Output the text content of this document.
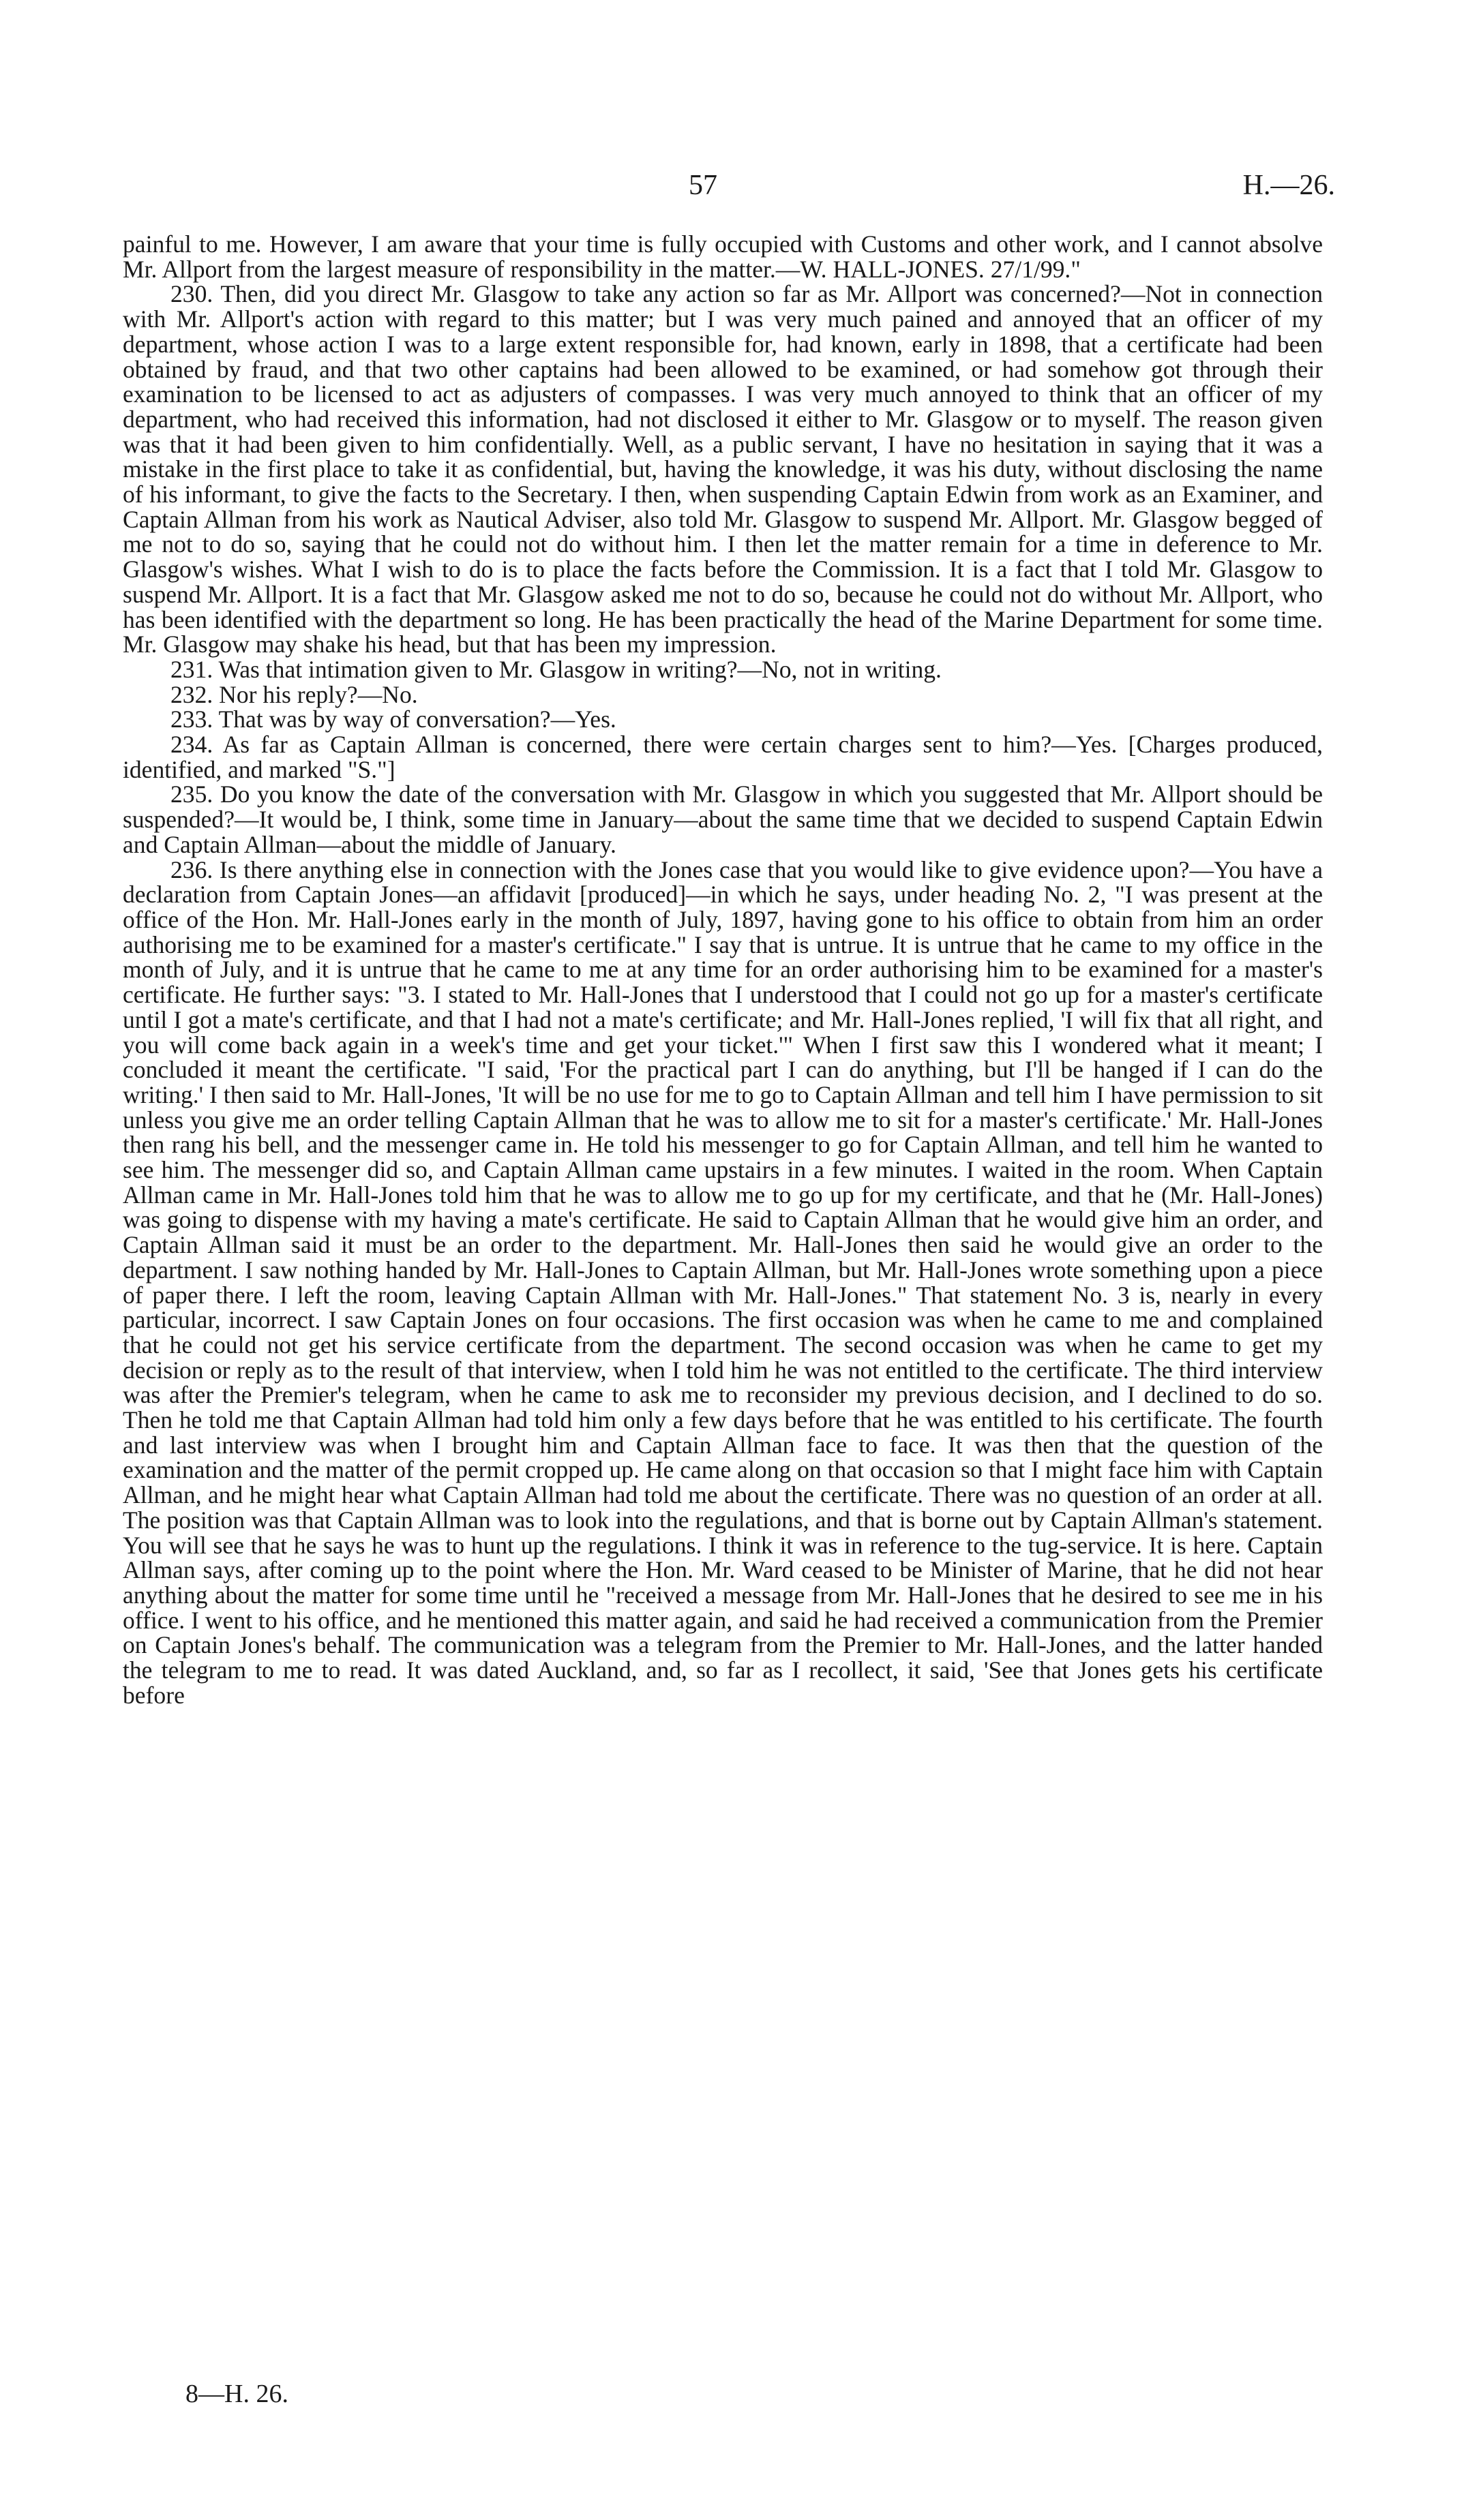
57	H.—26.

painful to me. However, I am aware that your time is fully occupied with Customs and other work, and I cannot absolve Mr. Allport from the largest measure of responsibility in the matter.—W. HALL-JONES. 27/1/99."

230. Then, did you direct Mr. Glasgow to take any action so far as Mr. Allport was concerned?—Not in connection with Mr. Allport's action with regard to this matter; but I was very much pained and annoyed that an officer of my department, whose action I was to a large extent responsible for, had known, early in 1898, that a certificate had been obtained by fraud, and that two other captains had been allowed to be examined, or had somehow got through their examination to be licensed to act as adjusters of compasses. I was very much annoyed to think that an officer of my department, who had received this information, had not disclosed it either to Mr. Glasgow or to myself. The reason given was that it had been given to him confidentially. Well, as a public servant, I have no hesitation in saying that it was a mistake in the first place to take it as confidential, but, having the knowledge, it was his duty, without disclosing the name of his informant, to give the facts to the Secretary. I then, when suspending Captain Edwin from work as an Examiner, and Captain Allman from his work as Nautical Adviser, also told Mr. Glasgow to suspend Mr. Allport. Mr. Glasgow begged of me not to do so, saying that he could not do without him. I then let the matter remain for a time in deference to Mr. Glasgow's wishes. What I wish to do is to place the facts before the Commission. It is a fact that I told Mr. Glasgow to suspend Mr. Allport. It is a fact that Mr. Glasgow asked me not to do so, because he could not do without Mr. Allport, who has been identified with the department so long. He has been practically the head of the Marine Department for some time. Mr. Glasgow may shake his head, but that has been my impression.

231. Was that intimation given to Mr. Glasgow in writing?—No, not in writing.

232. Nor his reply?—No.

233. That was by way of conversation?—Yes.

234. As far as Captain Allman is concerned, there were certain charges sent to him?—Yes. [Charges produced, identified, and marked "S."]

235. Do you know the date of the conversation with Mr. Glasgow in which you suggested that Mr. Allport should be suspended?—It would be, I think, some time in January—about the same time that we decided to suspend Captain Edwin and Captain Allman—about the middle of January.

236. Is there anything else in connection with the Jones case that you would like to give evidence upon?—You have a declaration from Captain Jones—an affidavit [produced]—in which he says, under heading No. 2, "I was present at the office of the Hon. Mr. Hall-Jones early in the month of July, 1897, having gone to his office to obtain from him an order authorising me to be examined for a master's certificate." I say that is untrue. It is untrue that he came to my office in the month of July, and it is untrue that he came to me at any time for an order authorising him to be examined for a master's certificate. He further says: "3. I stated to Mr. Hall-Jones that I understood that I could not go up for a master's certificate until I got a mate's certificate, and that I had not a mate's certificate; and Mr. Hall-Jones replied, 'I will fix that all right, and you will come back again in a week's time and get your ticket.'" When I first saw this I wondered what it meant; I concluded it meant the certificate. "I said, 'For the practical part I can do anything, but I'll be hanged if I can do the writing.' I then said to Mr. Hall-Jones, 'It will be no use for me to go to Captain Allman and tell him I have permission to sit unless you give me an order telling Captain Allman that he was to allow me to sit for a master's certificate.' Mr. Hall-Jones then rang his bell, and the messenger came in. He told his messenger to go for Captain Allman, and tell him he wanted to see him. The messenger did so, and Captain Allman came upstairs in a few minutes. I waited in the room. When Captain Allman came in Mr. Hall-Jones told him that he was to allow me to go up for my certificate, and that he (Mr. Hall-Jones) was going to dispense with my having a mate's certificate. He said to Captain Allman that he would give him an order, and Captain Allman said it must be an order to the department. Mr. Hall-Jones then said he would give an order to the department. I saw nothing handed by Mr. Hall-Jones to Captain Allman, but Mr. Hall-Jones wrote something upon a piece of paper there. I left the room, leaving Captain Allman with Mr. Hall-Jones." That statement No. 3 is, nearly in every particular, incorrect. I saw Captain Jones on four occasions. The first occasion was when he came to me and complained that he could not get his service certificate from the department. The second occasion was when he came to get my decision or reply as to the result of that interview, when I told him he was not entitled to the certificate. The third interview was after the Premier's telegram, when he came to ask me to reconsider my previous decision, and I declined to do so. Then he told me that Captain Allman had told him only a few days before that he was entitled to his certificate. The fourth and last interview was when I brought him and Captain Allman face to face. It was then that the question of the examination and the matter of the permit cropped up. He came along on that occasion so that I might face him with Captain Allman, and he might hear what Captain Allman had told me about the certificate. There was no question of an order at all. The position was that Captain Allman was to look into the regulations, and that is borne out by Captain Allman's statement. You will see that he says he was to hunt up the regulations. I think it was in reference to the tug-service. It is here. Captain Allman says, after coming up to the point where the Hon. Mr. Ward ceased to be Minister of Marine, that he did not hear anything about the matter for some time until he "received a message from Mr. Hall-Jones that he desired to see me in his office. I went to his office, and he mentioned this matter again, and said he had received a communication from the Premier on Captain Jones's behalf. The communication was a telegram from the Premier to Mr. Hall-Jones, and the latter handed the telegram to me to read. It was dated Auckland, and, so far as I recollect, it said, 'See that Jones gets his certificate before

8—H. 26.
